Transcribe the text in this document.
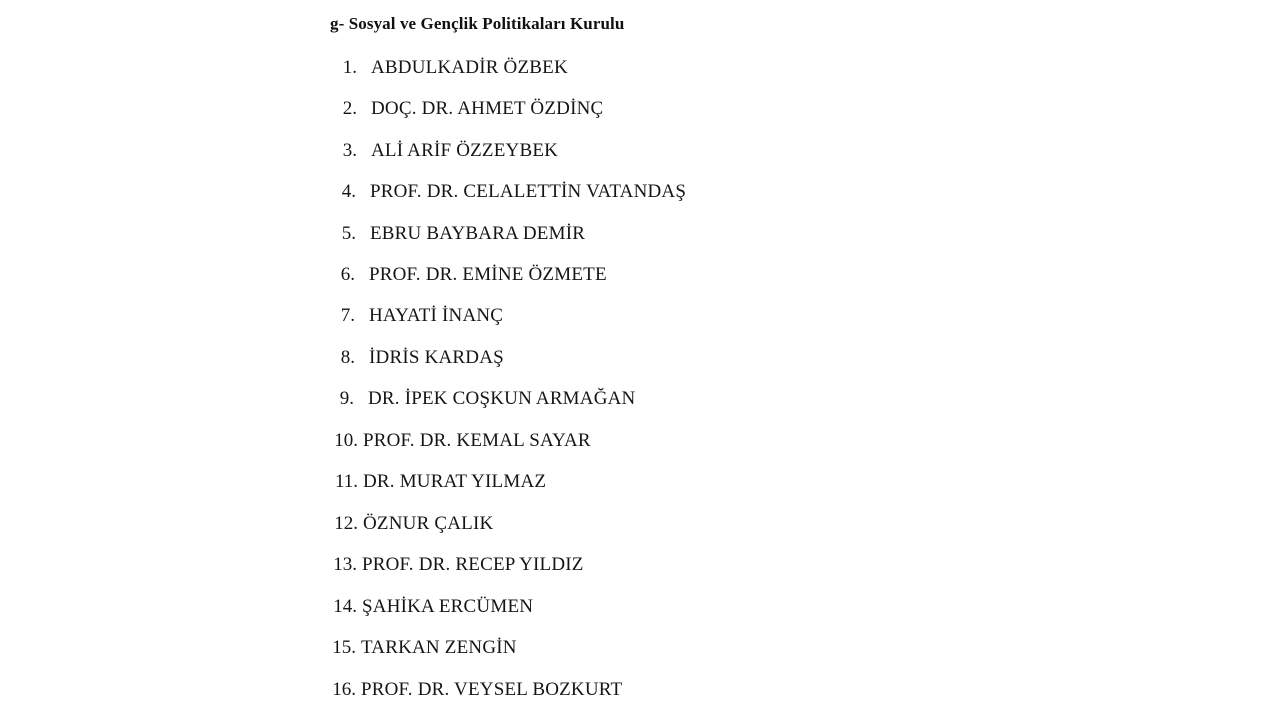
g- Sosyal ve Gençlik Politikaları Kurulu
1. ABDULKADİR ÖZBEK
2. DOÇ. DR. AHMET ÖZDİNÇ
3. ALİ ARİF ÖZZEYBEK
4. PROF. DR. CELALETTİN VATANDAŞ
5. EBRU BAYBARA DEMİR
6. PROF. DR. EMİNE ÖZMETE
7. HAYATİ İNANÇ
8. İDRİS KARDAŞ
9. DR. İPEK COŞKUN ARMAĞAN
10. PROF. DR. KEMAL SAYAR
11. DR. MURAT YILMAZ
12. ÖZNUR ÇALIK
13. PROF. DR. RECEP YILDIZ
14. ŞAHİKA ERCÜMEN
15. TARKAN ZENGİN
16. PROF. DR. VEYSEL BOZKURT
